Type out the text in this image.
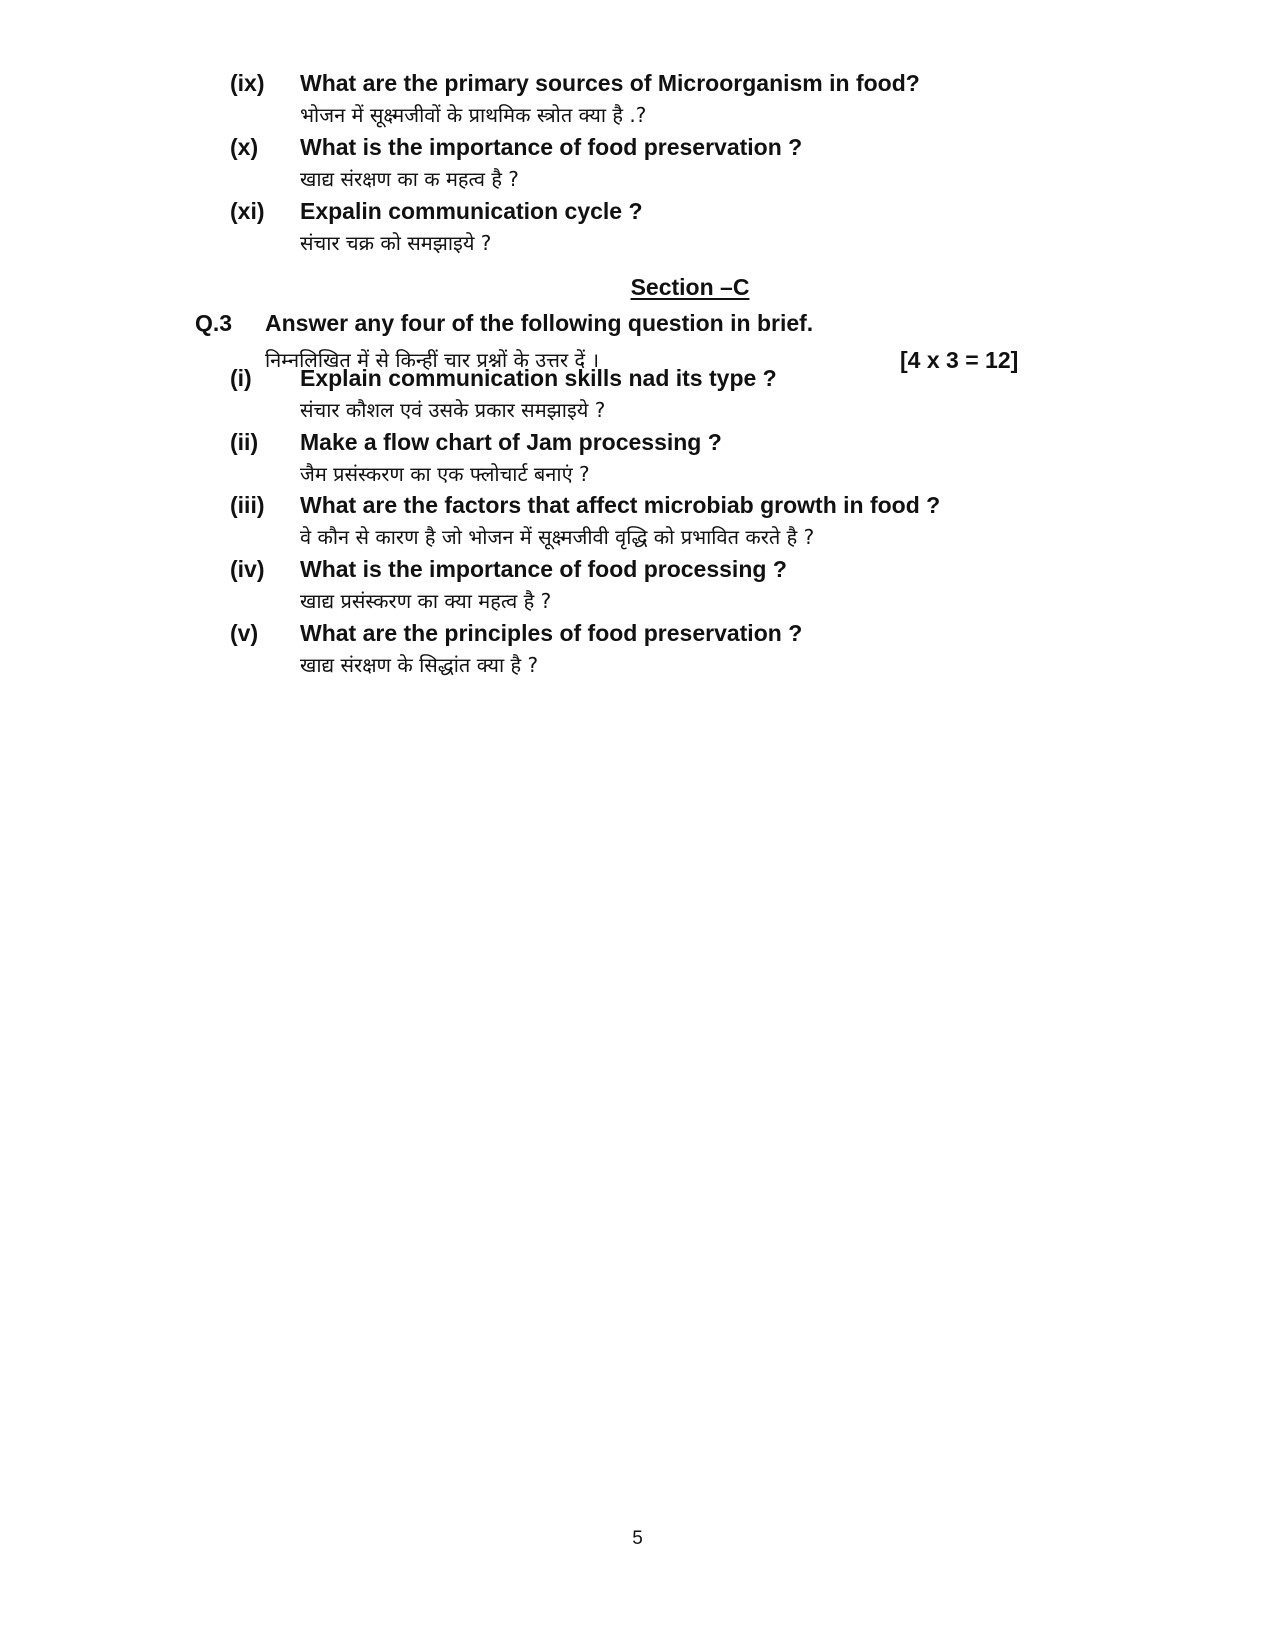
(ix) What are the primary sources of Microorganism in food?
भोजन में सूक्ष्मजीवों के प्राथमिक स्त्रोत क्या है .?
(x) What is the importance of food preservation ?
खाद्य संरक्षण का क महत्व है ?
(xi) Expalin communication cycle ?
संचार चक्र को समझाइये ?
Section –C
Q.3 Answer any four of the following question in brief.
निम्नलिखित में से किन्हीं चार प्रश्नों के उत्तर दें ।	[4 x 3 = 12]
(i) Explain communication skills nad its type ?
संचार कौशल एवं उसके प्रकार समझाइये ?
(ii) Make a flow chart of Jam processing ?
जैम प्रसंस्करण का एक फ्लोचार्ट बनाएं ?
(iii) What are the factors that affect microbiab growth in food ?
वे कौन से कारण है जो भोजन में सूक्ष्मजीवी वृद्धि को प्रभावित करते है ?
(iv) What is the importance of food processing ?
खाद्य प्रसंस्करण का क्या महत्व है ?
(v) What are the principles of food preservation ?
खाद्य संरक्षण के सिद्धांत क्या है ?
5
